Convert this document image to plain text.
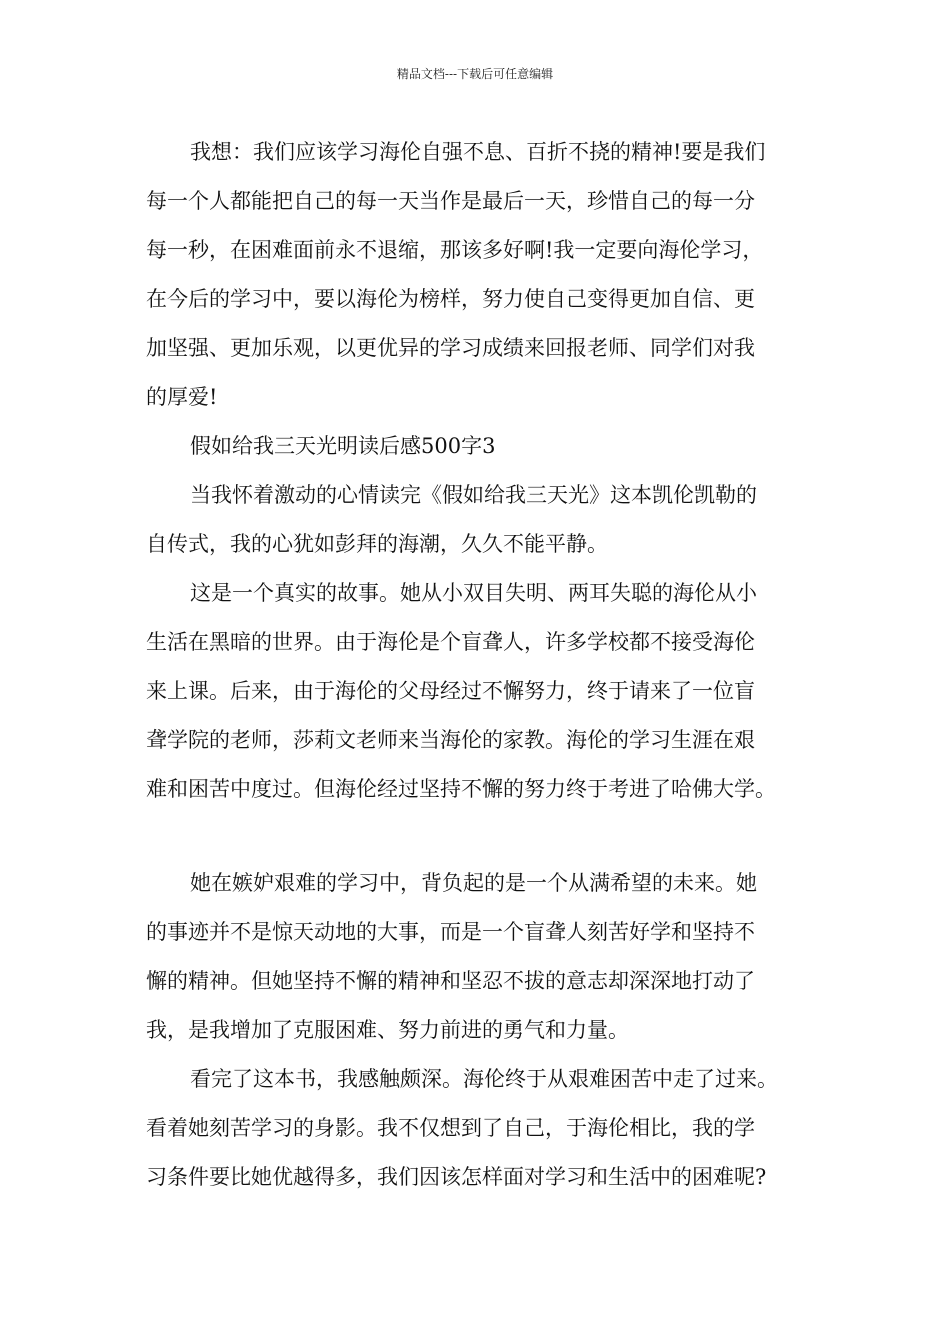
精品文档---下载后可任意编辑
我想：我们应该学习海伦自强不息、百折不挠的精神!要是我们
每一个人都能把自己的每一天当作是最后一天，珍惜自己的每一分
每一秒，在困难面前永不退缩，那该多好啊!我一定要向海伦学习，
在今后的学习中，要以海伦为榜样，努力使自己变得更加自信、更
加坚强、更加乐观，以更优异的学习成绩来回报老师、同学们对我
的厚爱!
假如给我三天光明读后感500字3
当我怀着激动的心情读完《假如给我三天光》这本凯伦凯勒的
自传式，我的心犹如彭拜的海潮，久久不能平静。
这是一个真实的故事。她从小双目失明、两耳失聪的海伦从小
生活在黑暗的世界。由于海伦是个盲聋人，许多学校都不接受海伦
来上课。后来，由于海伦的父母经过不懈努力，终于请来了一位盲
聋学院的老师，莎莉文老师来当海伦的家教。海伦的学习生涯在艰
难和困苦中度过。但海伦经过坚持不懈的努力终于考进了哈佛大学。
她在嫉妒艰难的学习中，背负起的是一个从满希望的未来。她
的事迹并不是惊天动地的大事，而是一个盲聋人刻苦好学和坚持不
懈的精神。但她坚持不懈的精神和坚忍不拔的意志却深深地打动了
我，是我增加了克服困难、努力前进的勇气和力量。
看完了这本书，我感触颇深。海伦终于从艰难困苦中走了过来。
看着她刻苦学习的身影。我不仅想到了自己，于海伦相比，我的学
习条件要比她优越得多，我们因该怎样面对学习和生活中的困难呢?
